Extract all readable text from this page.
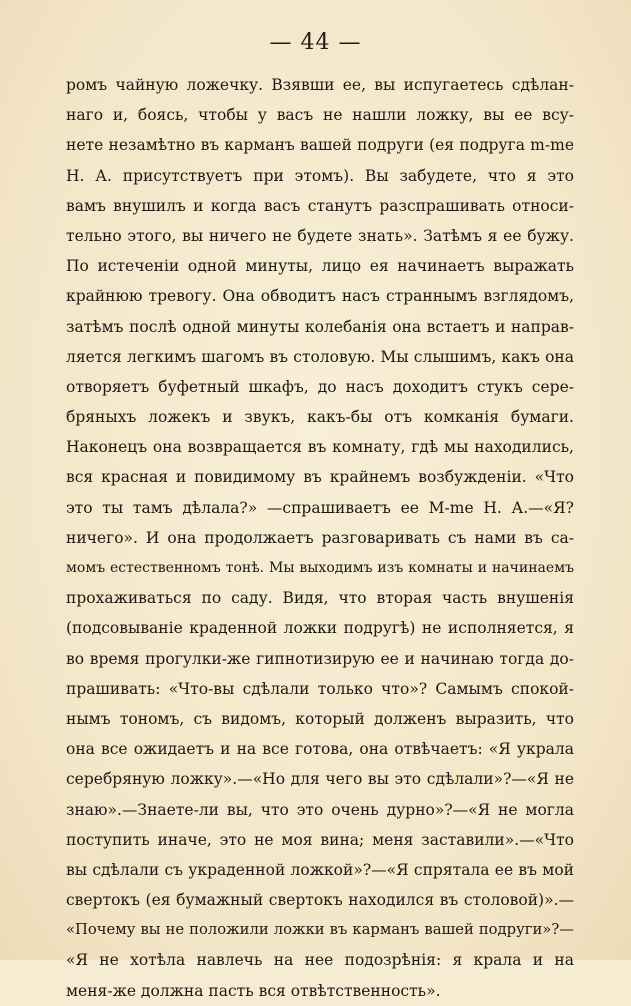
— 44 —
ромъ чайную ложечку. Взявши ее, вы испугаетесь сдѣлан-
наго и, боясь, чтобы у васъ не нашли ложку, вы ее всу-
нете незамѣтно въ карманъ вашей подруги (ея подруга m-me
Н. А. присутствуетъ при этомъ). Вы забудете, что я это
вамъ внушилъ и когда васъ станутъ разспрашивать относи-
тельно этого, вы ничего не будете знать». Затѣмъ я ее бужу.
По истеченіи одной минуты, лицо ея начинаетъ выражать
крайнюю тревогу. Она обводитъ насъ страннымъ взглядомъ,
затѣмъ послѣ одной минуты колебанія она встаетъ и направ-
ляется легкимъ шагомъ въ столовую. Мы слышимъ, какъ она
отворяетъ буфетный шкафъ, до насъ доходитъ стукъ сере-
бряныхъ ложекъ и звукъ, какъ-бы отъ комканія бумаги.
Наконецъ она возвращается въ комнату, гдѣ мы находились,
вся красная и повидимому въ крайнемъ возбужденіи. «Что
это ты тамъ дѣлала?» —спрашиваетъ ее M-me Н. А.—«Я?
ничего». И она продолжаетъ разговаривать съ нами въ са-
момъ естественномъ тонѣ. Мы выходимъ изъ комнаты и начинаемъ
прохаживаться по саду. Видя, что вторая часть внушенія
(подсовываніе краденной ложки подругѣ) не исполняется, я
во время прогулки-же гипнотизирую ее и начинаю тогда до-
прашивать: «Что-вы сдѣлали только что»? Самымъ спокой-
нымъ тономъ, съ видомъ, который долженъ выразить, что
она все ожидаетъ и на все готова, она отвѣчаетъ: «Я украла
серебряную ложку».—«Но для чего вы это сдѣлали»?—«Я не
знаю».—Знаете-ли вы, что это очень дурно»?—«Я не могла
поступить иначе, это не моя вина; меня заставили».—«Что
вы сдѣлали съ украденной ложкой»?—«Я спрятала ее въ мой
свертокъ (ея бумажный свертокъ находился въ столовой)».—
«Почему вы не положили ложки въ карманъ вашей подруги»?—
«Я не хотѣла навлечь на нее подозрѣнія: я крала и на
меня-же должна пасть вся отвѣтственность».
